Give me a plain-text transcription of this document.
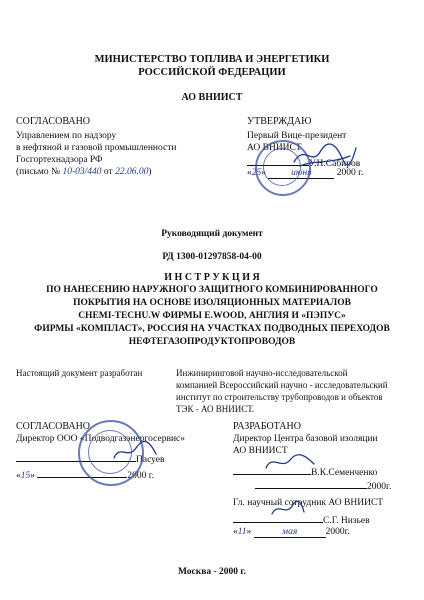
МИНИСТЕРСТВО ТОПЛИВА И ЭНЕРГЕТИКИ
РОССИЙСКОЙ ФЕДЕРАЦИИ
АО ВНИИСТ
СОГЛАСОВАНО
Управлением по надзору
в нефтяной и газовой промышленности
Госгортехнадзора РФ
(письмо № 10-03/440 от 22.06.00)
УТВЕРЖДАЮ
Первый Вице-президент
АО ВНИИСТ
У.Н.Сабиров
«25»	июня	2000 г.
Руководящий документ
РД 1300-01297858-04-00
И Н С Т Р У К Ц И Я
ПО НАНЕСЕНИЮ НАРУЖНОГО ЗАЩИТНОГО КОМБИНИРОВАННОГО
ПОКРЫТИЯ НА ОСНОВЕ ИЗОЛЯЦИОННЫХ МАТЕРИАЛОВ
CHEMI-TECHU.W ФИРМЫ E.WOOD, АНГЛИЯ И «ПЭПУС»
ФИРМЫ «КОМПЛАСТ», РОССИЯ НА УЧАСТКАХ ПОДВОДНЫХ ПЕРЕХОДОВ
НЕФТЕГАЗОПРОДУКТОПРОВОДОВ
Настоящий документ разработан	Инжиниринговой научно-исследовательской
компанией Всероссийский научно - исследовательский
институт по строительству трубопроводов и объектов
ТЭК - АО ВНИИСТ.
СОГЛАСОВАНО
Директор ООО «Подводгазэнергосервис»
Пасуев
«15»	2000 г.
РАЗРАБОТАНО
Директор Центра базовой изоляции
АО ВНИИСТ
В.К.Семенченко
2000г.
Гл. научный сотрудник АО ВНИИСТ
С.Г. Низьев
«11»	мая	2000г.
Москва - 2000 г.
